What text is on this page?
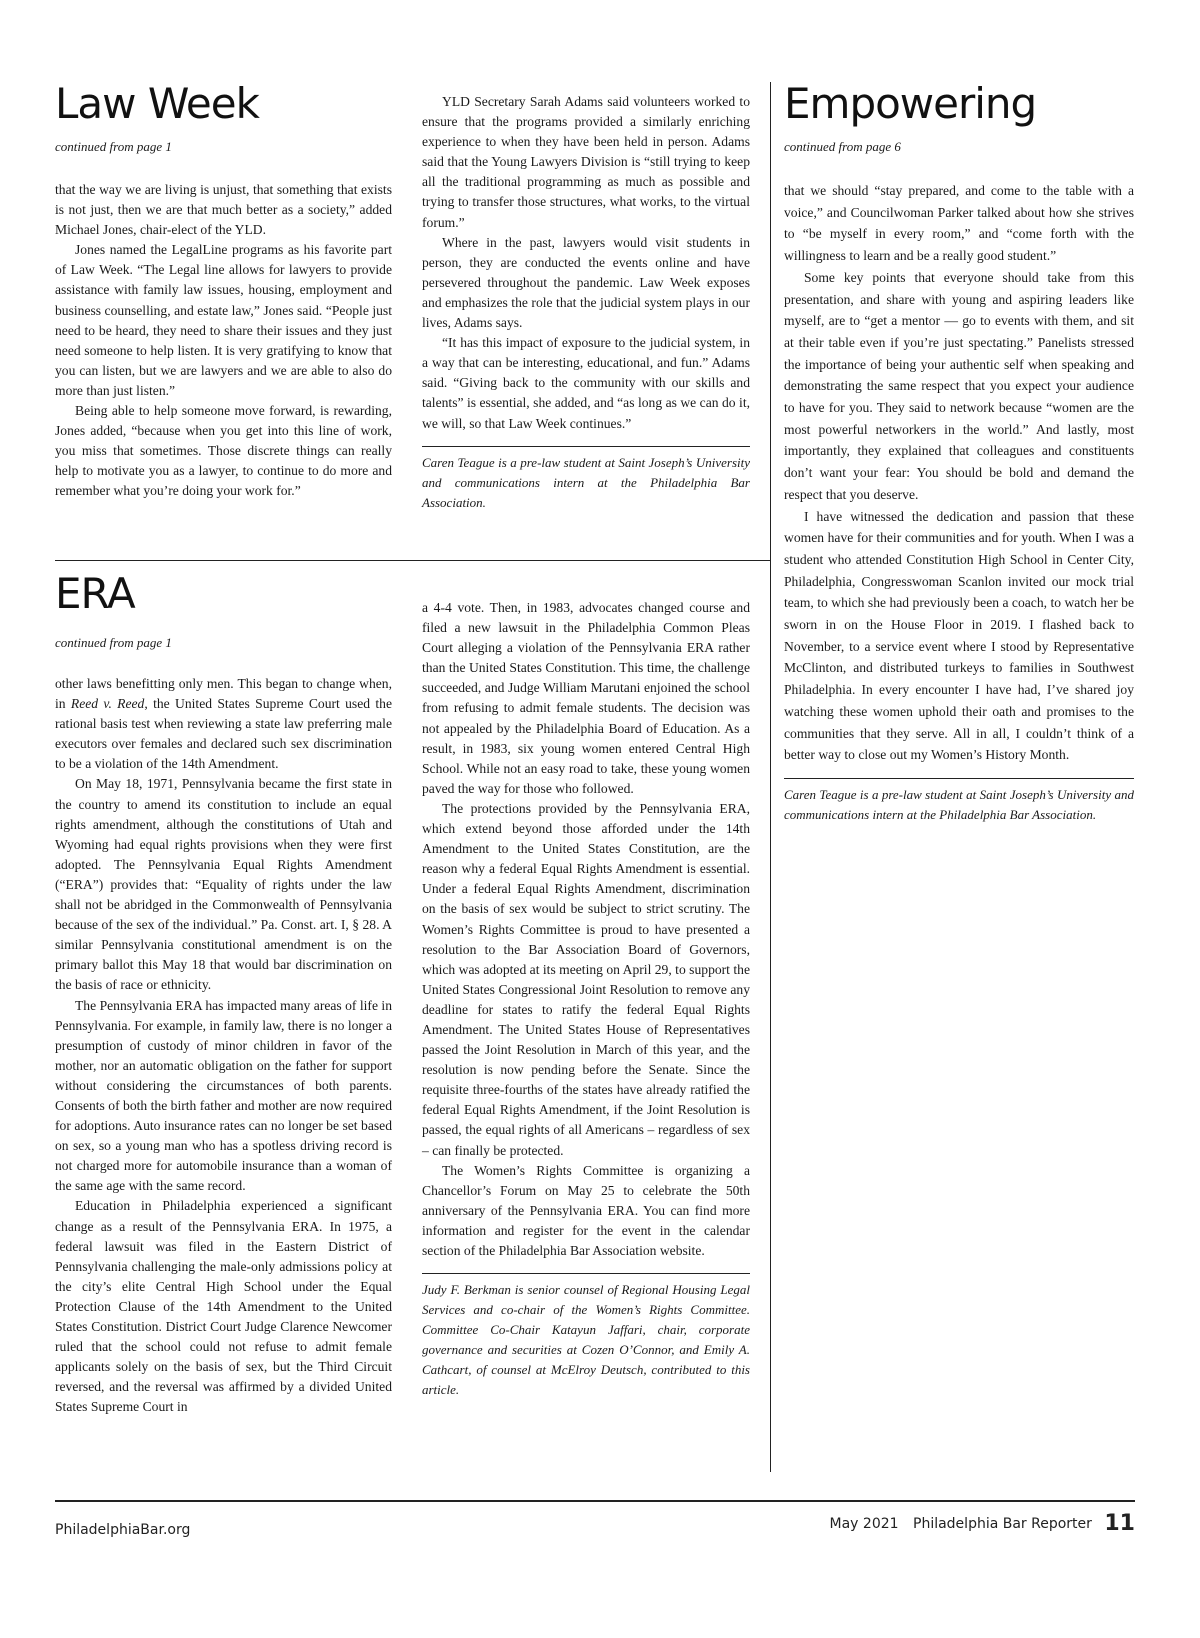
Law Week
continued from page 1

that the way we are living is unjust, that something that exists is not just, then we are that much better as a society,” added Michael Jones, chair-elect of the YLD.

Jones named the LegalLine programs as his favorite part of Law Week. “The Legal line allows for lawyers to provide assistance with family law issues, housing, employment and business counselling, and estate law,” Jones said. “People just need to be heard, they need to share their issues and they just need someone to help listen. It is very gratifying to know that you can listen, but we are lawyers and we are able to also do more than just listen.”

Being able to help someone move forward, is rewarding, Jones added, “because when you get into this line of work, you miss that sometimes. Those discrete things can really help to motivate you as a lawyer, to continue to do more and remember what you’re doing your work for.”

YLD Secretary Sarah Adams said volunteers worked to ensure that the programs provided a similarly enriching experience to when they have been held in person. Adams said that the Young Lawyers Division is “still trying to keep all the traditional programming as much as possible and trying to transfer those structures, what works, to the virtual forum.”

Where in the past, lawyers would visit students in person, they are conducted the events online and have persevered throughout the pandemic. Law Week exposes and emphasizes the role that the judicial system plays in our lives, Adams says.

“It has this impact of exposure to the judicial system, in a way that can be interesting, educational, and fun.” Adams said. “Giving back to the community with our skills and talents” is essential, she added, and “as long as we can do it, we will, so that Law Week continues.”

Caren Teague is a pre-law student at Saint Joseph’s University and communications intern at the Philadelphia Bar Association.
ERA
continued from page 1

other laws benefitting only men. This began to change when, in Reed v. Reed, the United States Supreme Court used the rational basis test when reviewing a state law preferring male executors over females and declared such sex discrimination to be a violation of the 14th Amendment.

On May 18, 1971, Pennsylvania became the first state in the country to amend its constitution to include an equal rights amendment, although the constitutions of Utah and Wyoming had equal rights provisions when they were first adopted. The Pennsylvania Equal Rights Amendment (“ERA”) provides that: “Equality of rights under the law shall not be abridged in the Commonwealth of Pennsylvania because of the sex of the individual.” Pa. Const. art. I, § 28. A similar Pennsylvania constitutional amendment is on the primary ballot this May 18 that would bar discrimination on the basis of race or ethnicity.

The Pennsylvania ERA has impacted many areas of life in Pennsylvania. For example, in family law, there is no longer a presumption of custody of minor children in favor of the mother, nor an automatic obligation on the father for support without considering the circumstances of both parents. Consents of both the birth father and mother are now required for adoptions. Auto insurance rates can no longer be set based on sex, so a young man who has a spotless driving record is not charged more for automobile insurance than a woman of the same age with the same record.

Education in Philadelphia experienced a significant change as a result of the Pennsylvania ERA. In 1975, a federal lawsuit was filed in the Eastern District of Pennsylvania challenging the male-only admissions policy at the city’s elite Central High School under the Equal Protection Clause of the 14th Amendment to the United States Constitution. District Court Judge Clarence Newcomer ruled that the school could not refuse to admit female applicants solely on the basis of sex, but the Third Circuit reversed, and the reversal was affirmed by a divided United States Supreme Court in

a 4-4 vote. Then, in 1983, advocates changed course and filed a new lawsuit in the Philadelphia Common Pleas Court alleging a violation of the Pennsylvania ERA rather than the United States Constitution. This time, the challenge succeeded, and Judge William Marutani enjoined the school from refusing to admit female students. The decision was not appealed by the Philadelphia Board of Education. As a result, in 1983, six young women entered Central High School. While not an easy road to take, these young women paved the way for those who followed.

The protections provided by the Pennsylvania ERA, which extend beyond those afforded under the 14th Amendment to the United States Constitution, are the reason why a federal Equal Rights Amendment is essential. Under a federal Equal Rights Amendment, discrimination on the basis of sex would be subject to strict scrutiny. The Women’s Rights Committee is proud to have presented a resolution to the Bar Association Board of Governors, which was adopted at its meeting on April 29, to support the United States Congressional Joint Resolution to remove any deadline for states to ratify the federal Equal Rights Amendment. The United States House of Representatives passed the Joint Resolution in March of this year, and the resolution is now pending before the Senate. Since the requisite three-fourths of the states have already ratified the federal Equal Rights Amendment, if the Joint Resolution is passed, the equal rights of all Americans – regardless of sex – can finally be protected.

The Women’s Rights Committee is organizing a Chancellor’s Forum on May 25 to celebrate the 50th anniversary of the Pennsylvania ERA. You can find more information and register for the event in the calendar section of the Philadelphia Bar Association website.

Judy F. Berkman is senior counsel of Regional Housing Legal Services and co-chair of the Women’s Rights Committee. Committee Co-Chair Katayun Jaffari, chair, corporate governance and securities at Cozen O’Connor, and Emily A. Cathcart, of counsel at McElroy Deutsch, contributed to this article.
Empowering
continued from page 6

that we should “stay prepared, and come to the table with a voice,” and Councilwoman Parker talked about how she strives to “be myself in every room,” and “come forth with the willingness to learn and be a really good student.”

Some key points that everyone should take from this presentation, and share with young and aspiring leaders like myself, are to “get a mentor — go to events with them, and sit at their table even if you’re just spectating.” Panelists stressed the importance of being your authentic self when speaking and demonstrating the same respect that you expect your audience to have for you. They said to network because “women are the most powerful networkers in the world.” And lastly, most importantly, they explained that colleagues and constituents don’t want your fear: You should be bold and demand the respect that you deserve.

I have witnessed the dedication and passion that these women have for their communities and for youth. When I was a student who attended Constitution High School in Center City, Philadelphia, Congresswoman Scanlon invited our mock trial team, to which she had previously been a coach, to watch her be sworn in on the House Floor in 2019. I flashed back to November, to a service event where I stood by Representative McClinton, and distributed turkeys to families in Southwest Philadelphia. In every encounter I have had, I’ve shared joy watching these women uphold their oath and promises to the communities that they serve. All in all, I couldn’t think of a better way to close out my Women’s History Month.

Caren Teague is a pre-law student at Saint Joseph’s University and communications intern at the Philadelphia Bar Association.
PhiladelphiaBar.org	May 2021 Philadelphia Bar Reporter 11
